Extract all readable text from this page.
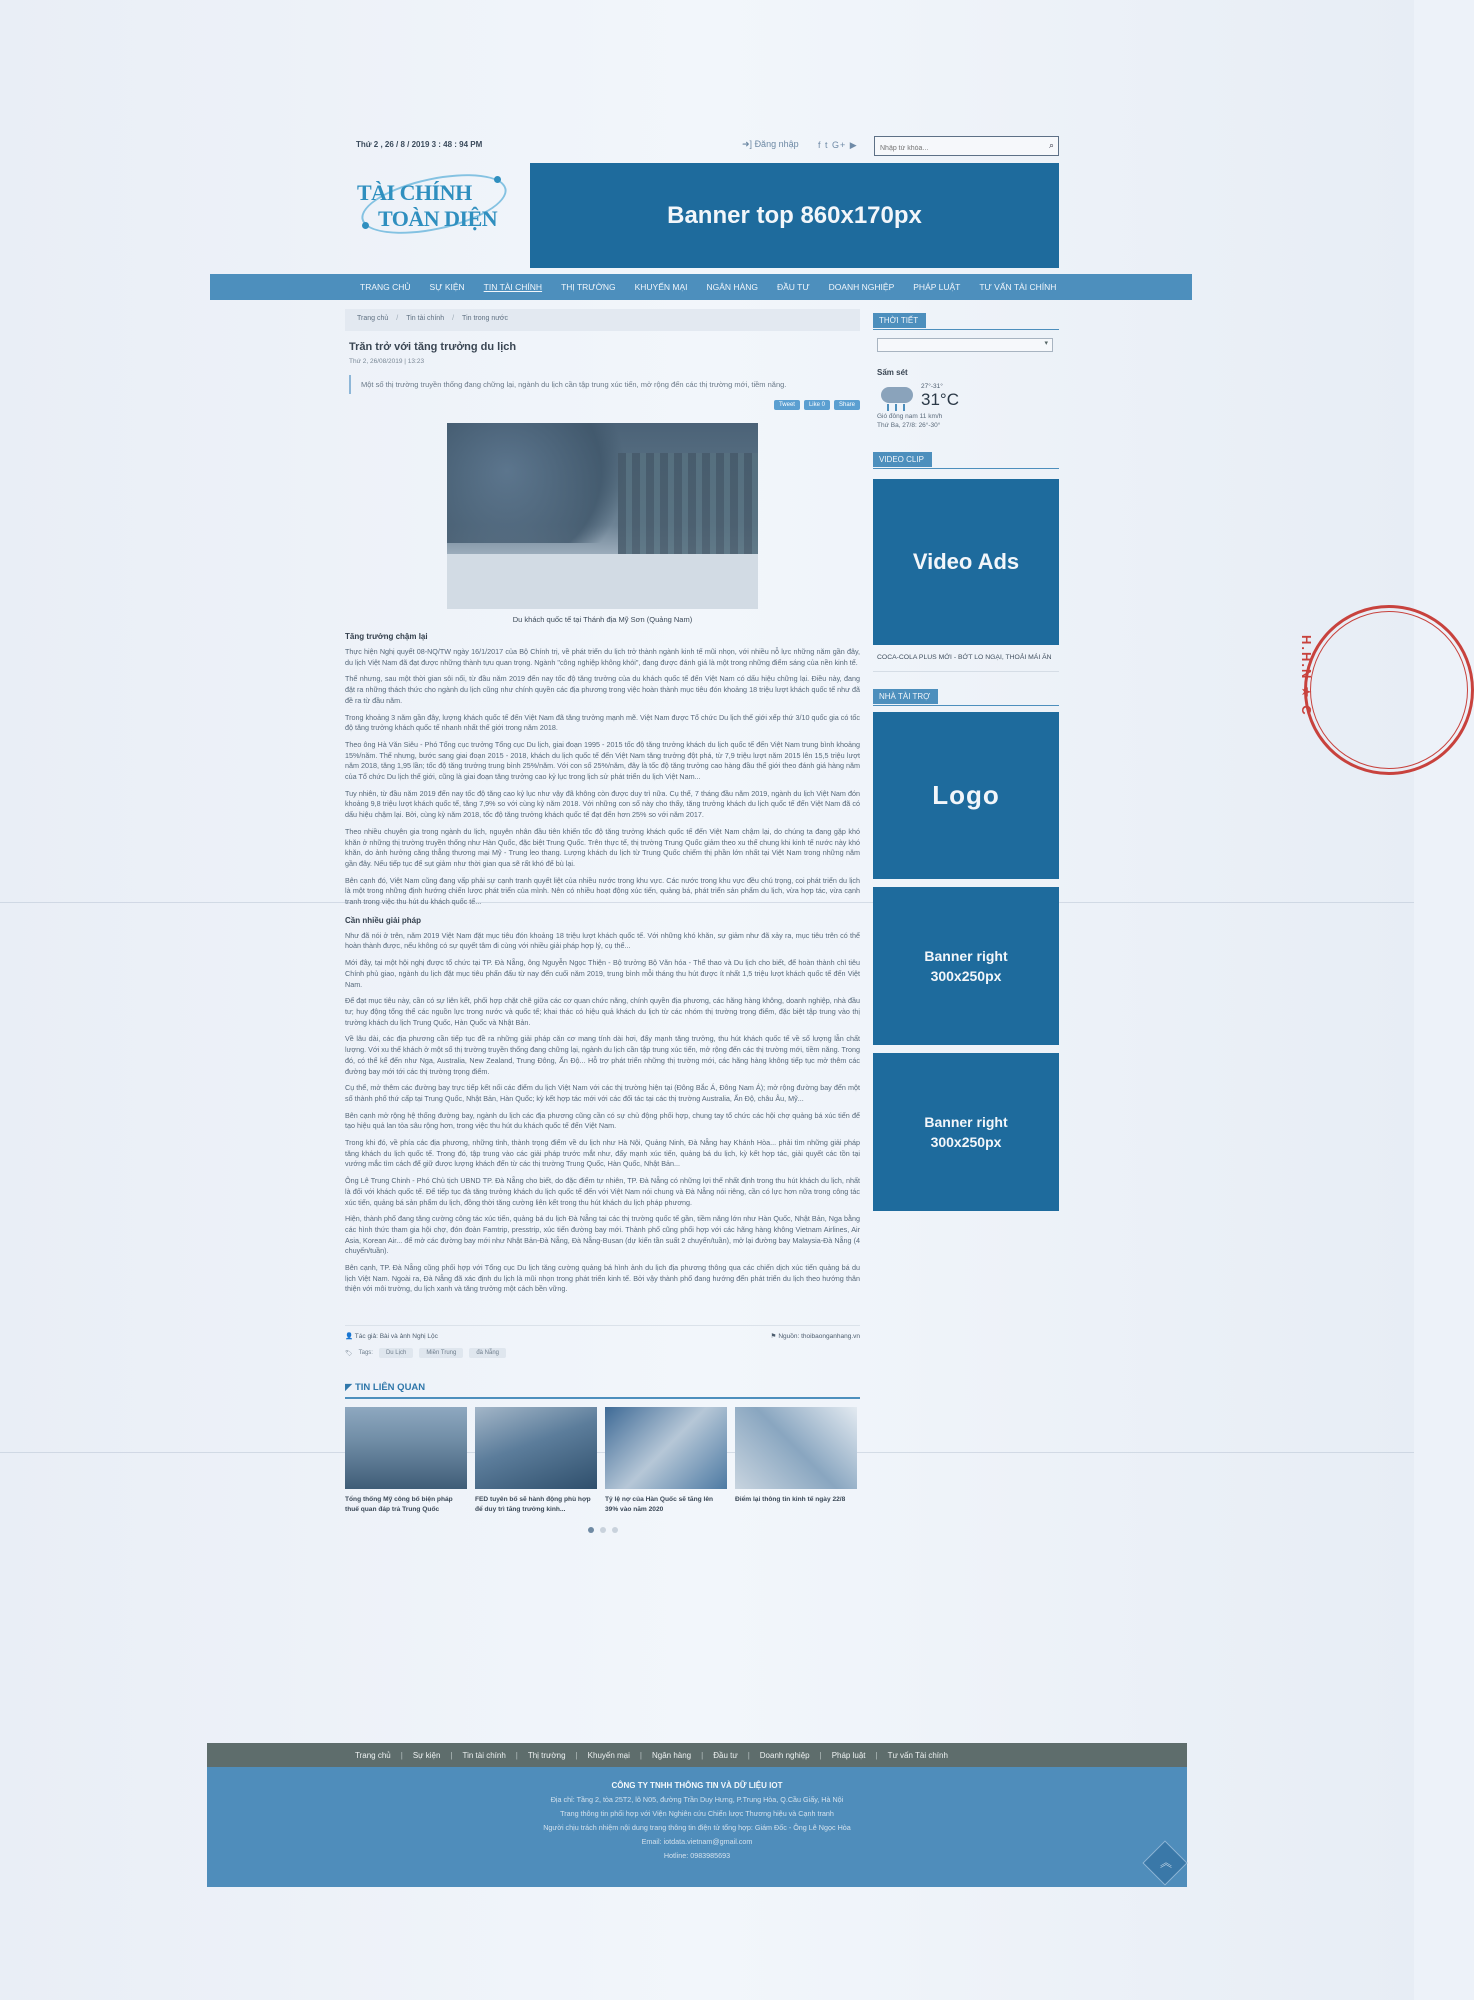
Thứ 2 , 26 / 8 / 2019 3 : 48 : 94 PM	➜] Đăng nhập f t G+ ▶
Nhập từ khóa...	⌕
TÀI CHÍNH
TOÀN DIỆN	Banner top 860x170px
TRANG CHỦ SỰ KIỆN TIN TÀI CHÍNH THỊ TRƯỜNG KHUYẾN MẠI NGÂN HÀNG ĐẦU TƯ DOANH NGHIỆP PHÁP LUẬT TƯ VẤN TÀI CHÍNH
Trang chủ / Tin tài chính / Tin trong nước
Trăn trở với tăng trưởng du lịch
Thứ 2, 26/08/2019 | 13:23
Một số thị trường truyền thống đang chững lại, ngành du lịch cần tập trung xúc tiến, mở rộng đến các thị trường mới, tiềm năng.
Tweet	Like 0	Share
Du khách quốc tế tại Thánh địa Mỹ Sơn (Quảng Nam)
Tăng trưởng chậm lại

Thực hiện Nghị quyết 08-NQ/TW ngày 16/1/2017 của Bộ Chính trị, về phát triển du lịch trở thành ngành kinh tế mũi nhọn, với nhiều nỗ lực những năm gần đây, du lịch Việt Nam đã đạt được những thành tựu quan trọng. Ngành "công nghiệp không khói", đang được đánh giá là một trong những điểm sáng của nền kinh tế.

Thế nhưng, sau một thời gian sôi nổi, từ đầu năm 2019 đến nay tốc độ tăng trưởng của du khách quốc tế đến Việt Nam có dấu hiệu chững lại. Điều này, đang đặt ra những thách thức cho ngành du lịch cũng như chính quyền các địa phương trong việc hoàn thành mục tiêu đón khoảng 18 triệu lượt khách quốc tế như đã đề ra từ đầu năm.

Trong khoảng 3 năm gần đây, lượng khách quốc tế đến Việt Nam đã tăng trưởng mạnh mẽ. Việt Nam được Tổ chức Du lịch thế giới xếp thứ 3/10 quốc gia có tốc độ tăng trưởng khách quốc tế nhanh nhất thế giới trong năm 2018.

Theo ông Hà Văn Siêu - Phó Tổng cục trưởng Tổng cục Du lịch, giai đoạn 1995 - 2015 tốc độ tăng trưởng khách du lịch quốc tế đến Việt Nam trung bình khoảng 15%/năm. Thế nhưng, bước sang giai đoạn 2015 - 2018, khách du lịch quốc tế đến Việt Nam tăng trưởng đột phá, từ 7,9 triệu lượt năm 2015 lên 15,5 triệu lượt năm 2018, tăng 1,95 lần; tốc độ tăng trưởng trung bình 25%/năm. Với con số 25%/năm, đây là tốc độ tăng trưởng cao hàng đầu thế giới theo đánh giá hàng năm của Tổ chức Du lịch thế giới, cũng là giai đoạn tăng trưởng cao kỷ lục trong lịch sử phát triển du lịch Việt Nam...

Tuy nhiên, từ đầu năm 2019 đến nay tốc độ tăng cao kỷ lục như vậy đã không còn được duy trì nữa. Cụ thể, 7 tháng đầu năm 2019, ngành du lịch Việt Nam đón khoảng 9,8 triệu lượt khách quốc tế, tăng 7,9% so với cùng kỳ năm 2018. Với những con số này cho thấy, tăng trưởng khách du lịch quốc tế đến Việt Nam đã có dấu hiệu chậm lại. Bởi, cùng kỳ năm 2018, tốc độ tăng trưởng khách quốc tế đạt đến hơn 25% so với năm 2017.

Theo nhiều chuyên gia trong ngành du lịch, nguyên nhân đầu tiên khiến tốc độ tăng trưởng khách quốc tế đến Việt Nam chậm lại, do chúng ta đang gặp khó khăn ở những thị trường truyền thống như Hàn Quốc, đặc biệt Trung Quốc. Trên thực tế, thị trường Trung Quốc giảm theo xu thế chung khi kinh tế nước này khó khăn, do ảnh hưởng căng thẳng thương mại Mỹ - Trung leo thang. Lượng khách du lịch từ Trung Quốc chiếm thị phần lớn nhất tại Việt Nam trong những năm gần đây. Nếu tiếp tục để sụt giảm như thời gian qua sẽ rất khó để bù lại.

Bên cạnh đó, Việt Nam cũng đang vấp phải sự cạnh tranh quyết liệt của nhiều nước trong khu vực. Các nước trong khu vực đều chú trọng, coi phát triển du lịch là một trong những định hướng chiến lược phát triển của mình. Nên có nhiều hoạt động xúc tiến, quảng bá, phát triển sản phẩm du lịch, vừa hợp tác, vừa cạnh tranh trong việc thu hút du khách quốc tế...

Cần nhiều giải pháp

Như đã nói ở trên, năm 2019 Việt Nam đặt mục tiêu đón khoảng 18 triệu lượt khách quốc tế. Với những khó khăn, sự giảm như đã xảy ra, mục tiêu trên có thể hoàn thành được, nếu không có sự quyết tâm đi cùng với nhiều giải pháp hợp lý, cụ thể...

Mới đây, tại một hội nghị được tổ chức tại TP. Đà Nẵng, ông Nguyễn Ngọc Thiện - Bộ trưởng Bộ Văn hóa - Thể thao và Du lịch cho biết, để hoàn thành chỉ tiêu Chính phủ giao, ngành du lịch đặt mục tiêu phấn đấu từ nay đến cuối năm 2019, trung bình mỗi tháng thu hút được ít nhất 1,5 triệu lượt khách quốc tế đến Việt Nam.

Để đạt mục tiêu này, cần có sự liên kết, phối hợp chặt chẽ giữa các cơ quan chức năng, chính quyền địa phương, các hãng hàng không, doanh nghiệp, nhà đầu tư; huy động tổng thể các nguồn lực trong nước và quốc tế; khai thác có hiệu quả khách du lịch từ các nhóm thị trường trọng điểm, đặc biệt tập trung vào thị trường khách du lịch Trung Quốc, Hàn Quốc và Nhật Bản.

Về lâu dài, các địa phương cần tiếp tục đề ra những giải pháp căn cơ mang tính dài hơi, đẩy mạnh tăng trưởng, thu hút khách quốc tế về số lượng lẫn chất lượng. Với xu thế khách ở một số thị trường truyền thống đang chững lại, ngành du lịch cần tập trung xúc tiến, mở rộng đến các thị trường mới, tiềm năng. Trong đó, có thể kể đến như Nga, Australia, New Zealand, Trung Đông, Ấn Độ... Hỗ trợ phát triển những thị trường mới, các hãng hàng không tiếp tục mở thêm các đường bay mới tới các thị trường trọng điểm.

Cụ thể, mở thêm các đường bay trực tiếp kết nối các điểm du lịch Việt Nam với các thị trường hiện tại (Đông Bắc Á, Đông Nam Á); mở rộng đường bay đến một số thành phố thứ cấp tại Trung Quốc, Nhật Bản, Hàn Quốc; kỳ kết hợp tác mới với các đối tác tại các thị trường Australia, Ấn Độ, châu Âu, Mỹ...

Bên cạnh mở rộng hệ thống đường bay, ngành du lịch các địa phương cũng cần có sự chủ động phối hợp, chung tay tổ chức các hội chợ quảng bá xúc tiến để tạo hiệu quả lan tỏa sâu rộng hơn, trong việc thu hút du khách quốc tế đến Việt Nam.

Trong khi đó, về phía các địa phương, những tỉnh, thành trọng điểm về du lịch như Hà Nội, Quảng Ninh, Đà Nẵng hay Khánh Hòa... phải tìm những giải pháp tăng khách du lịch quốc tế. Trong đó, tập trung vào các giải pháp trước mắt như, đẩy mạnh xúc tiến, quảng bá du lịch, kỳ kết hợp tác, giải quyết các tồn tại vướng mắc tìm cách để giữ được lượng khách đến từ các thị trường Trung Quốc, Hàn Quốc, Nhật Bản...

Ông Lê Trung Chinh - Phó Chủ tịch UBND TP. Đà Nẵng cho biết, do đặc điểm tự nhiên, TP. Đà Nẵng có những lợi thế nhất định trong thu hút khách du lịch, nhất là đối với khách quốc tế. Để tiếp tục đà tăng trưởng khách du lịch quốc tế đến với Việt Nam nói chung và Đà Nẵng nói riêng, cần có lực hơn nữa trong công tác xúc tiến, quảng bá sản phẩm du lịch, đồng thời tăng cường liên kết trong thu hút khách du lịch pháp phương.

Hiện, thành phố đang tăng cường công tác xúc tiến, quảng bá du lịch Đà Nẵng tại các thị trường quốc tế gần, tiềm năng lớn như Hàn Quốc, Nhật Bản, Nga bằng các hình thức tham gia hội chợ, đón đoàn Famtrip, presstrip, xúc tiến đường bay mới. Thành phố cũng phối hợp với các hãng hàng không Vietnam Airlines, Air Asia, Korean Air... để mở các đường bay mới như Nhật Bản-Đà Nẵng, Đà Nẵng-Busan (dự kiến tần suất 2 chuyến/tuần), mở lại đường bay Malaysia-Đà Nẵng (4 chuyến/tuần).

Bên cạnh, TP. Đà Nẵng cũng phối hợp với Tổng cục Du lịch tăng cường quảng bá hình ảnh du lịch địa phương thông qua các chiến dịch xúc tiến quảng bá du lịch Việt Nam. Ngoài ra, Đà Nẵng đã xác định du lịch là mũi nhọn trong phát triển kinh tế. Bởi vậy thành phố đang hướng đến phát triển du lịch theo hướng thân thiện với môi trường, du lịch xanh và tăng trưởng một cách bền vững.

👤 Tác giả: Bài và ảnh Nghị Lộc	⚑ Nguồn: thoibaonganhang.vn
🏷 Tags:	Du Lịch	Miền Trung	đà Nẵng
◤ TIN LIÊN QUAN
Tổng thống Mỹ công bố biện pháp thuế quan đáp trả Trung Quốc
FED tuyên bố sẽ hành động phù hợp để duy trì tăng trưởng kinh...
Tỷ lệ nợ của Hàn Quốc sẽ tăng lên 39% vào năm 2020
Điểm lại thông tin kinh tế ngày 22/8
THỜI TIẾT
▾
Sấm sét
27°-31°
31°C
Gió đông nam 11 km/h
Thứ Ba, 27/8: 26°-30°
VIDEO CLIP
Video Ads
COCA-COLA PLUS MỚI - BỚT LO NGẠI, THOẢI MÁI ĂN
NHÀ TÀI TRỢ
Logo
Banner right 300x250px
Banner right 300x250px
Trang chủ | Sự kiện | Tin tài chính | Thị trường | Khuyến mại | Ngân hàng | Đầu tư | Doanh nghiệp | Pháp luật | Tư vấn Tài chính
CÔNG TY TNHH THÔNG TIN VÀ DỮ LIỆU IOT
Địa chỉ: Tầng 2, tòa 25T2, lô N05, đường Trần Duy Hưng, P.Trung Hòa, Q.Cầu Giấy, Hà Nội
Trang thông tin phối hợp với Viện Nghiên cứu Chiến lược Thương hiệu và Cạnh tranh
Người chịu trách nhiệm nội dung trang thông tin điện tử tổng hợp: Giám Đốc - Ông Lê Ngọc Hòa
Email: iotdata.vietnam@gmail.com
Hotline: 0983985693	︽
H.H.N ★ C
